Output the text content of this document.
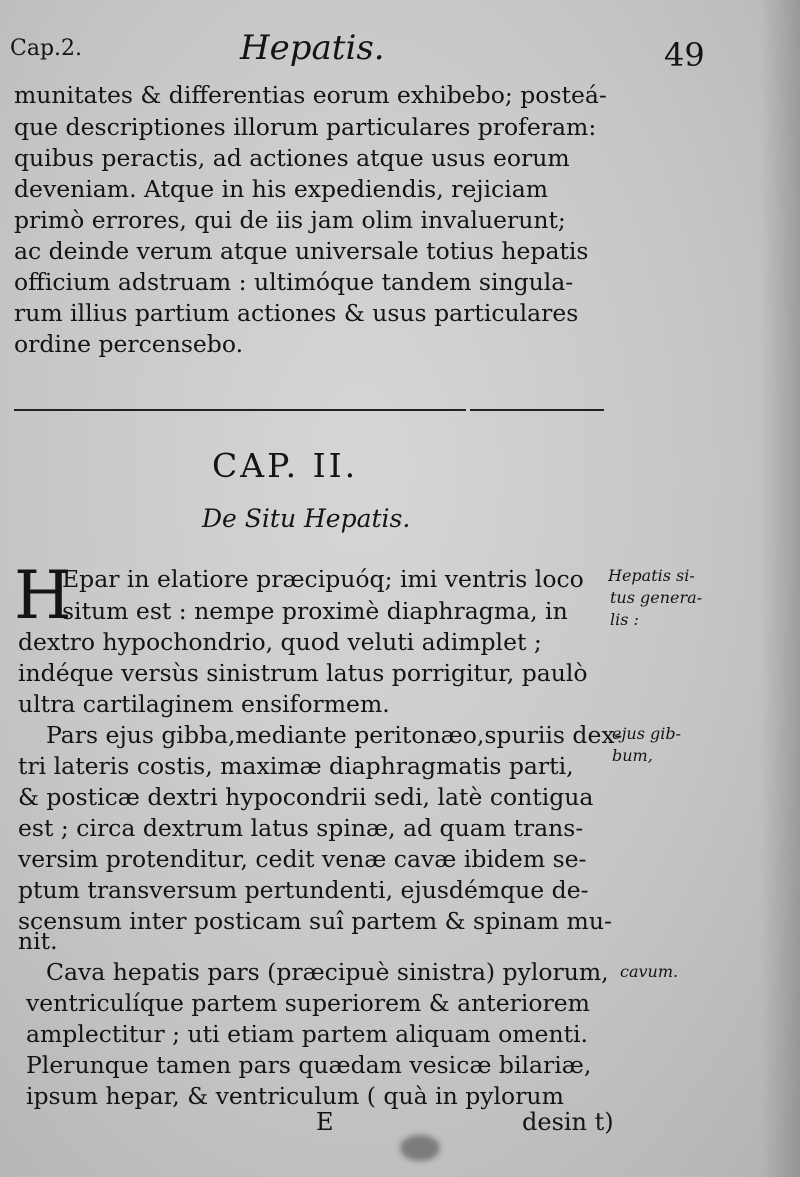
Cap.2.	Hepatis.	49
munitates & differentias eorum exhibebo; posteá-
que descriptiones illorum particulares proferam:
quibus peractis, ad actiones atque usus eorum
deveniam. Atque in his expediendis, rejiciam
primò errores, qui de iis jam olim invaluerunt;
ac deinde verum atque universale totius hepatis
officium adstruam : ultimóque tandem singula-
rum illius partium actiones & usus particulares
ordine percensebo.
CAP. II.
De Situ Hepatis.
H
Epar in elatiore præcipuóq; imi ventris loco
situm est : nempe proximè diaphragma, in
dextro hypochondrio, quod veluti adimplet ;
indéque versùs sinistrum latus porrigitur, paulò
ultra cartilaginem ensiformem.
Pars ejus gibba,mediante peritonæo,spuriis dex-
tri lateris costis, maximæ diaphragmatis parti,
& posticæ dextri hypocondrii sedi, latè contigua
est ; circa dextrum latus spinæ, ad quam trans-
versim protenditur, cedit venæ cavæ ibidem se-
ptum transversum pertundenti, ejusdémque de-
scensum inter posticam suî partem & spinam mu-
nit.
Cava hepatis pars (præcipuè sinistra) pylorum,
ventriculíque partem superiorem & anteriorem
amplectitur ; uti etiam partem aliquam omenti.
Plerunque tamen pars quædam vesicæ bilariæ,
ipsum hepar, & ventriculum ( quà in pylorum
Hepatis si-
tus genera-
lis :
ejus gib-
bum,
cavum.
E	desin t)
